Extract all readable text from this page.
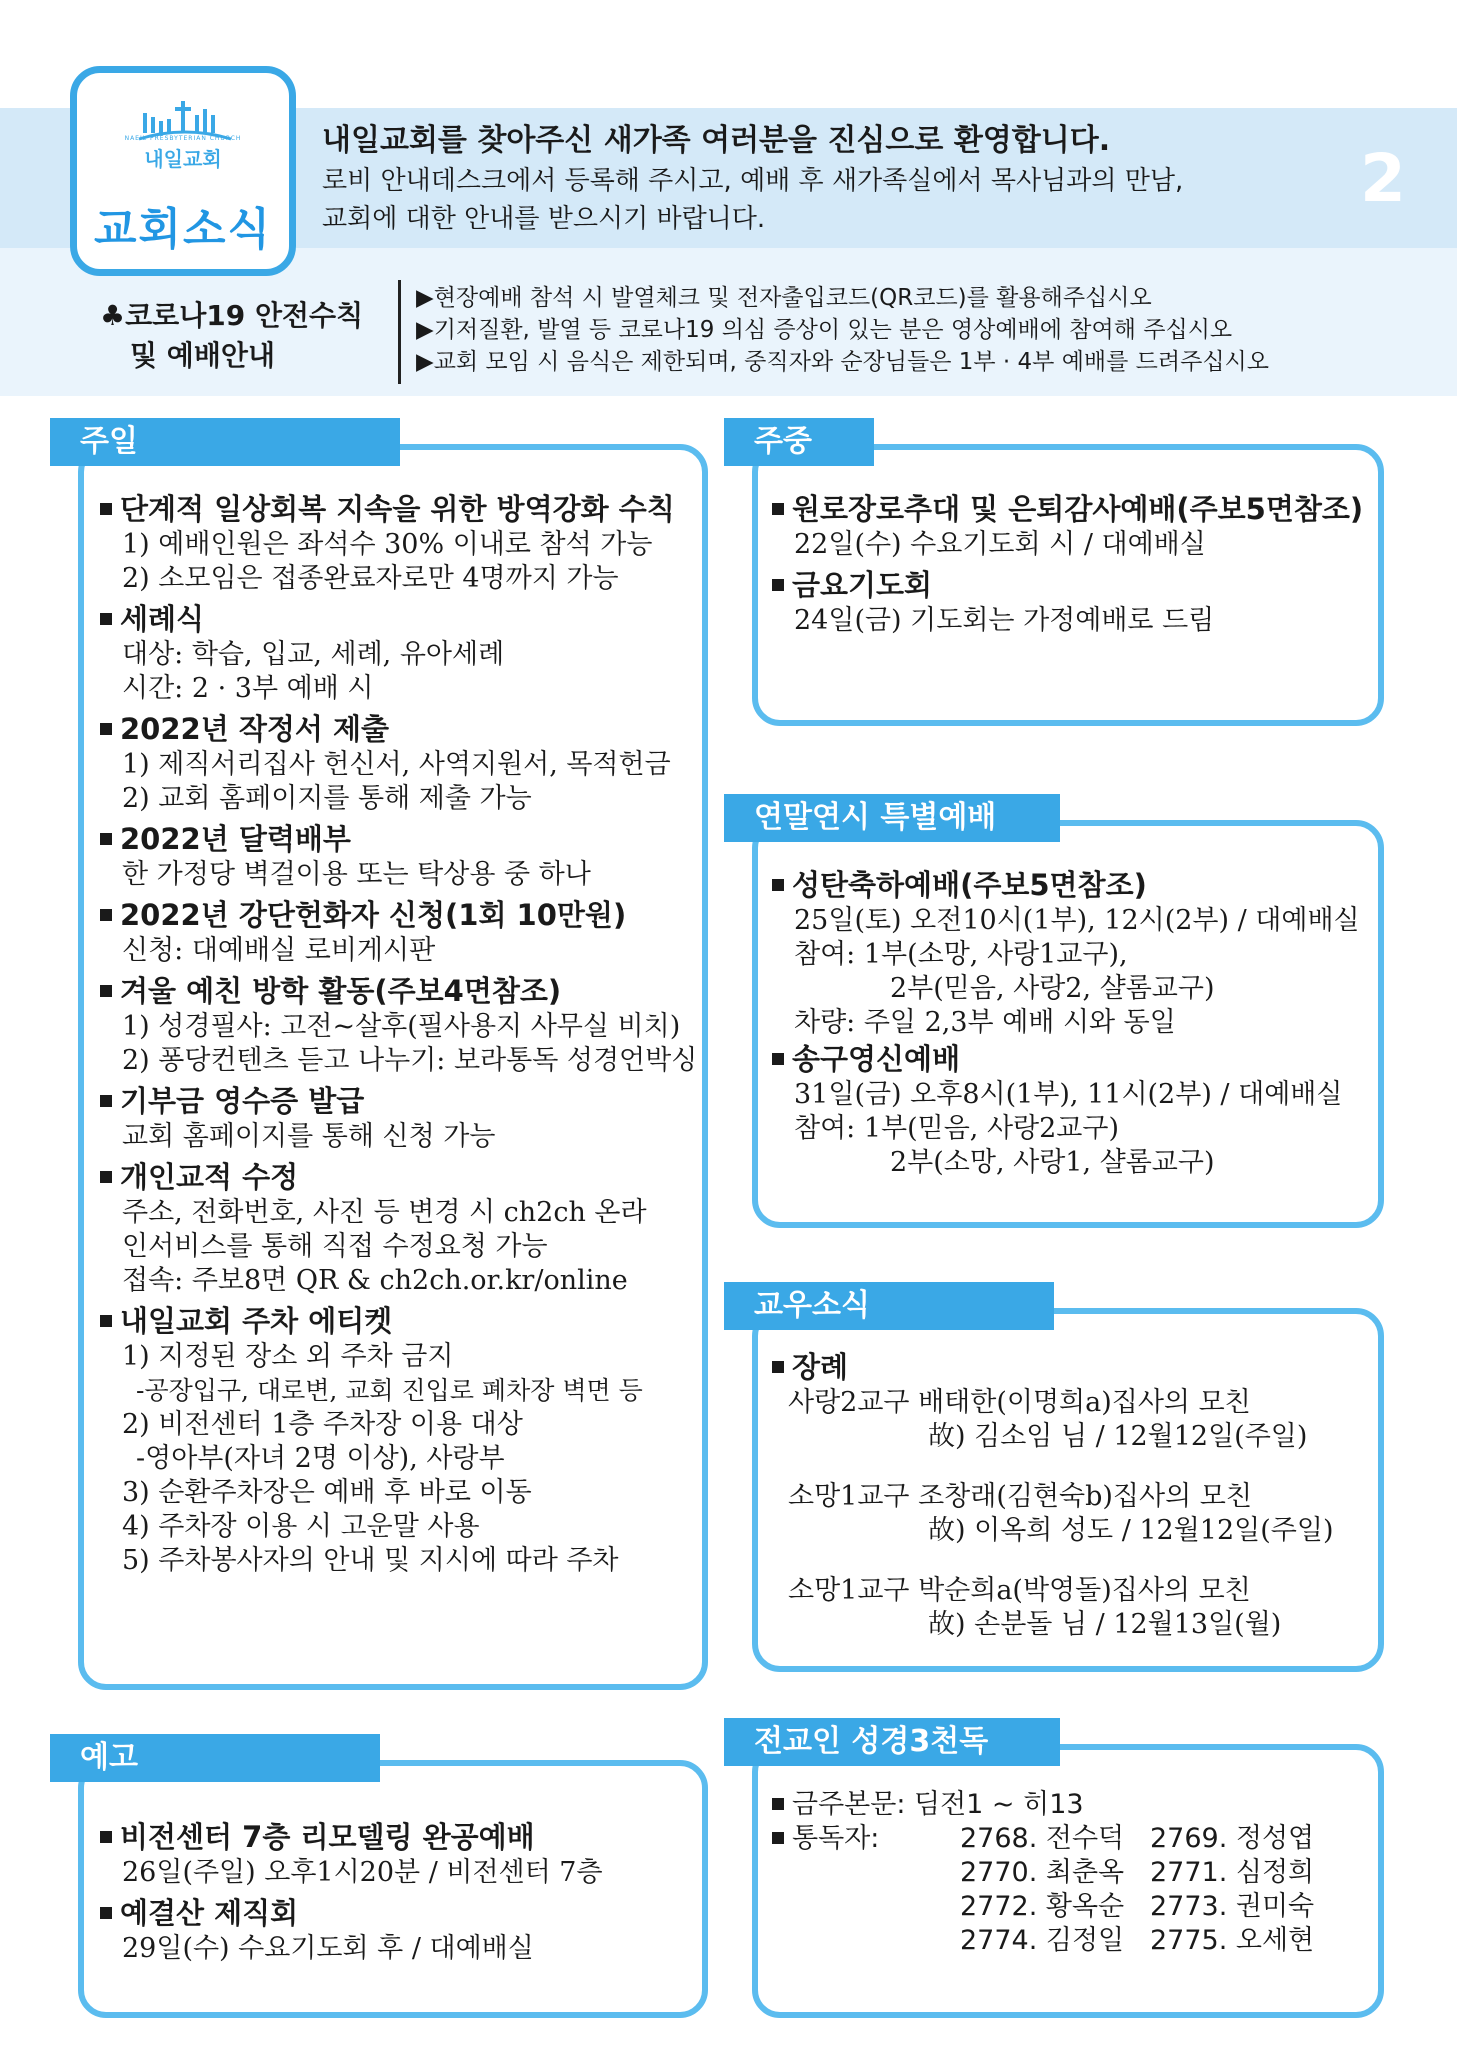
NAEIL PRESBYTERIAN CHURCH
내일교회
교회소식
내일교회를 찾아주신 새가족 여러분을 진심으로 환영합니다.
로비 안내데스크에서 등록해 주시고, 예배 후 새가족실에서 목사님과의 만남,
교회에 대한 안내를 받으시기 바랍니다.
2
♣코로나19 안전수칙
및 예배안내
▶현장예배 참석 시 발열체크 및 전자출입코드(QR코드)를 활용해주십시오
▶기저질환, 발열 등 코로나19 의심 증상이 있는 분은 영상예배에 참여해 주십시오
▶교회 모임 시 음식은 제한되며, 중직자와 순장님들은 1부 · 4부 예배를 드려주십시오
주일
단계적 일상회복 지속을 위한 방역강화 수칙
1) 예배인원은 좌석수 30% 이내로 참석 가능
2) 소모임은 접종완료자로만 4명까지 가능
세례식
대상: 학습, 입교, 세례, 유아세례
시간: 2 · 3부 예배 시
2022년 작정서 제출
1) 제직서리집사 헌신서, 사역지원서, 목적헌금
2) 교회 홈페이지를 통해 제출 가능
2022년 달력배부
한 가정당 벽걸이용 또는 탁상용 중 하나
2022년 강단헌화자 신청(1회 10만원)
신청: 대예배실 로비게시판
겨울 예친 방학 활동(주보4면참조)
1) 성경필사: 고전~살후(필사용지 사무실 비치)
2) 퐁당컨텐츠 듣고 나누기: 보라통독 성경언박싱
기부금 영수증 발급
교회 홈페이지를 통해 신청 가능
개인교적 수정
주소, 전화번호, 사진 등 변경 시 ch2ch 온라
인서비스를 통해 직접 수정요청 가능
접속: 주보8면 QR & ch2ch.or.kr/online
내일교회 주차 에티켓
1) 지정된 장소 외 주차 금지
-공장입구, 대로변, 교회 진입로 폐차장 벽면 등
2) 비전센터 1층 주차장 이용 대상
-영아부(자녀 2명 이상), 사랑부
3) 순환주차장은 예배 후 바로 이동
4) 주차장 이용 시 고운말 사용
5) 주차봉사자의 안내 및 지시에 따라 주차
예고
비전센터 7층 리모델링 완공예배
26일(주일) 오후1시20분 / 비전센터 7층
예결산 제직회
29일(수) 수요기도회 후 / 대예배실
주중
원로장로추대 및 은퇴감사예배(주보5면참조)
22일(수) 수요기도회 시 / 대예배실
금요기도회
24일(금) 기도회는 가정예배로 드림
연말연시 특별예배
성탄축하예배(주보5면참조)
25일(토) 오전10시(1부), 12시(2부) / 대예배실
참여: 1부(소망, 사랑1교구),
2부(믿음, 사랑2, 샬롬교구)
차량: 주일 2,3부 예배 시와 동일
송구영신예배
31일(금) 오후8시(1부), 11시(2부) / 대예배실
참여: 1부(믿음, 사랑2교구)
2부(소망, 사랑1, 샬롬교구)
교우소식
장례
사랑2교구 배태한(이명희a)집사의 모친
故) 김소임 님 / 12월12일(주일)
소망1교구 조창래(김현숙b)집사의 모친
故) 이옥희 성도 / 12월12일(주일)
소망1교구 박순희a(박영돌)집사의 모친
故) 손분돌 님 / 12월13일(월)
전교인 성경3천독
금주본문: 딤전1 ~ 히13
통독자:	2768. 전수덕 2769. 정성엽
2770. 최춘옥 2771. 심정희
2772. 황옥순 2773. 권미숙
2774. 김정일 2775. 오세현
